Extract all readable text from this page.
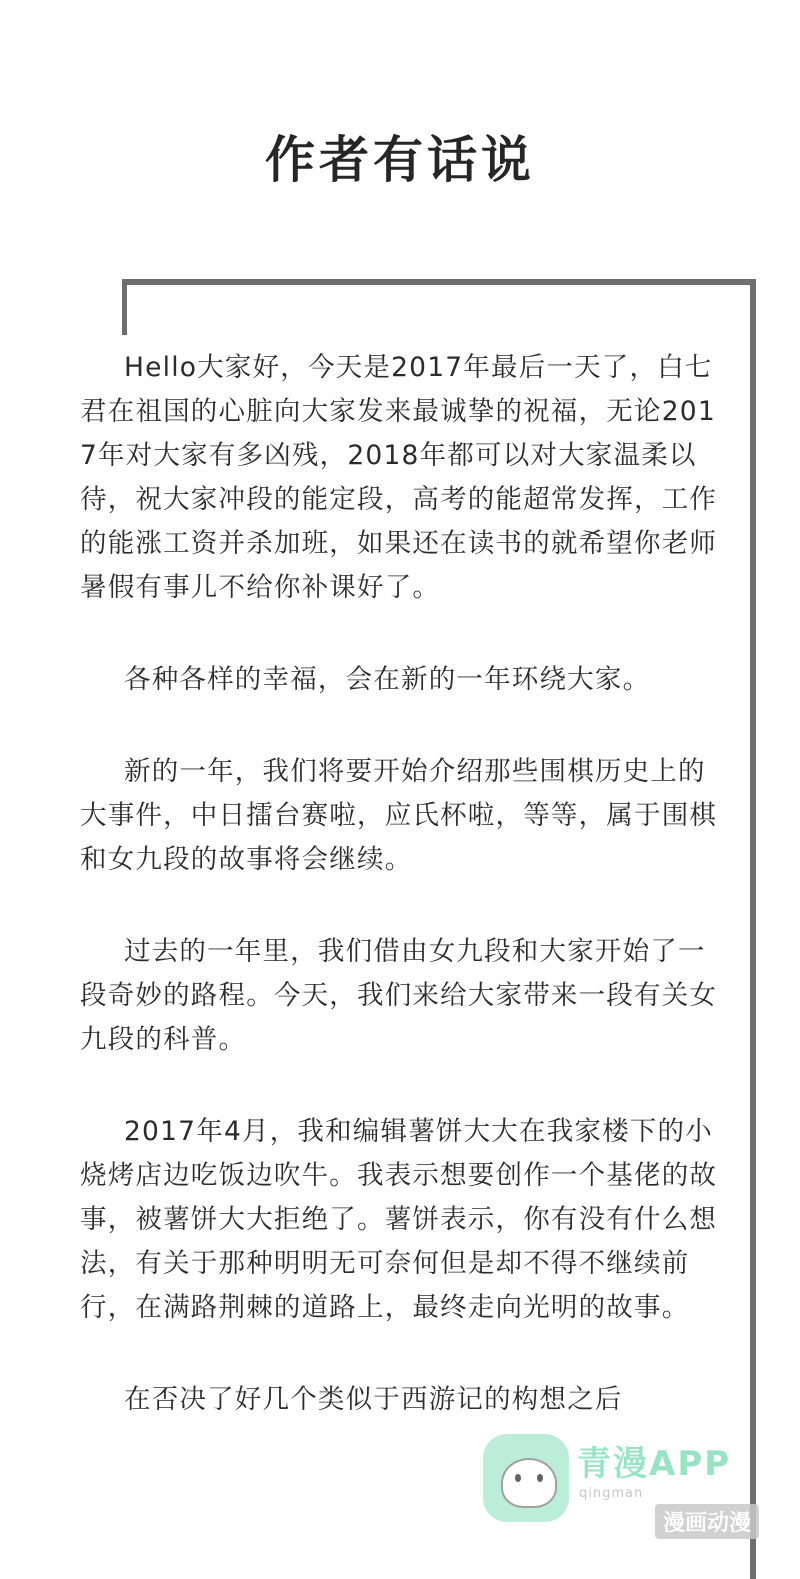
作者有话说

Hello大家好，今天是2017年最后一天了，白七君在祖国的心脏向大家发来最诚挚的祝福，无论2017年对大家有多凶残，2018年都可以对大家温柔以待，祝大家冲段的能定段，高考的能超常发挥，工作的能涨工资并杀加班，如果还在读书的就希望你老师暑假有事儿不给你补课好了。

各种各样的幸福，会在新的一年环绕大家。

新的一年，我们将要开始介绍那些围棋历史上的大事件，中日擂台赛啦，应氏杯啦，等等，属于围棋和女九段的故事将会继续。

过去的一年里，我们借由女九段和大家开始了一段奇妙的路程。今天，我们来给大家带来一段有关女九段的科普。

2017年4月，我和编辑薯饼大大在我家楼下的小烧烤店边吃饭边吹牛。我表示想要创作一个基佬的故事，被薯饼大大拒绝了。薯饼表示，你有没有什么想法，有关于那种明明无可奈何但是却不得不继续前行，在满路荆棘的道路上，最终走向光明的故事。

在否决了好几个类似于西游记的构想之后

青漫APP
qingman
漫画动漫
